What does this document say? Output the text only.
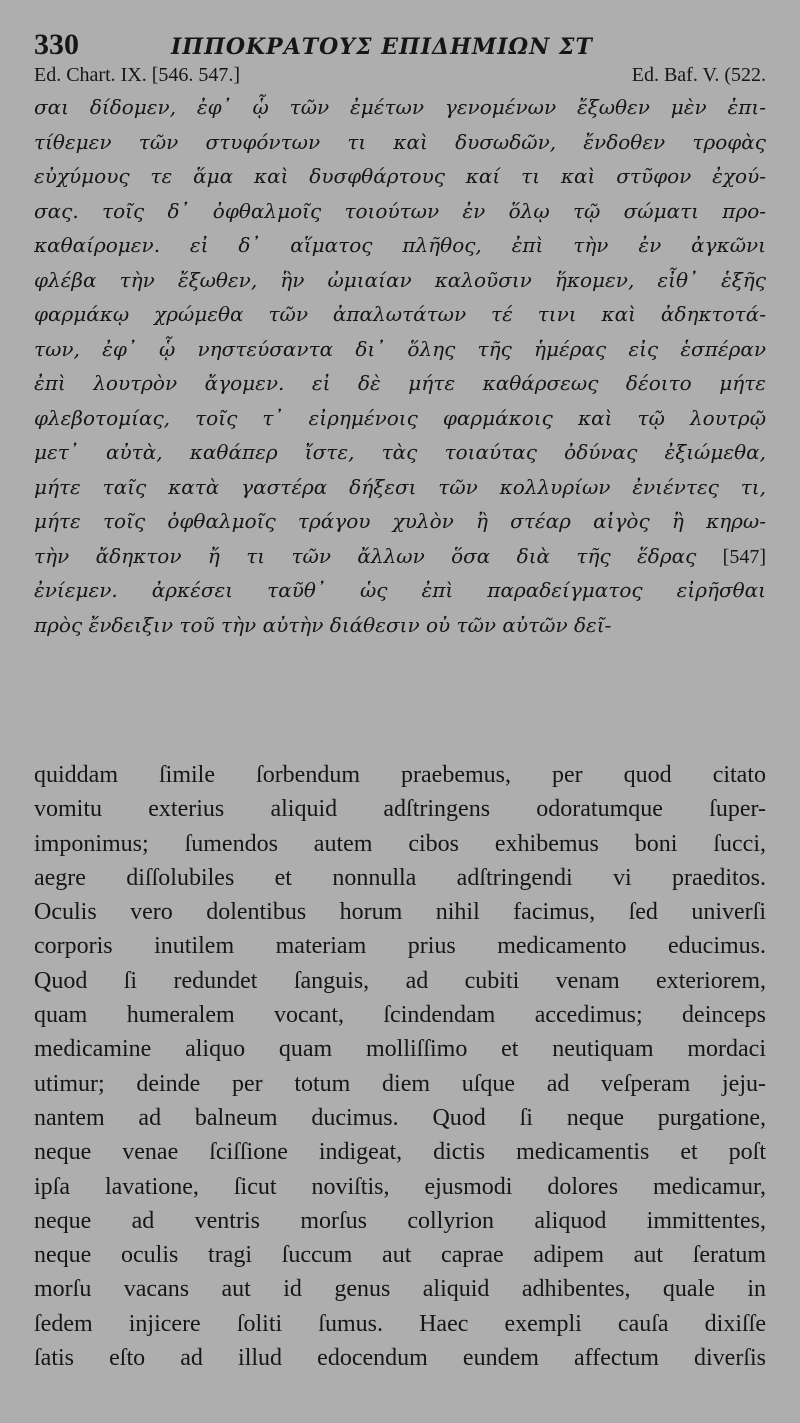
330	ΙΠΠΟΚΡΑΤΟΥΣ ΕΠΙΔΗΜΙΩΝ ΣΤ
Ed. Chart. IX. [546. 547.]	Ed. Baf. V. (522.
σαι δίδομεν, ἐφ᾽ ᾧ τῶν ἐμέτων γενομένων ἔξωθεν μὲν ἐπι-
τίθεμεν τῶν στυφόντων τι καὶ δυσωδῶν, ἔνδοθεν τροφὰς
εὐχύμους τε ἅμα καὶ δυσφθάρτους καί τι καὶ στῦφον ἐχού-
σας. τοῖς δ᾽ ὀφθαλμοῖς τοιούτων ἐν ὅλῳ τῷ σώματι προ-
καθαίρομεν. εἰ δ᾽ αἵματος πλῆθος, ἐπὶ τὴν ἐν ἀγκῶνι
φλέβα τὴν ἔξωθεν, ἣν ὠμιαίαν καλοῦσιν ἥκομεν, εἶθ᾽ ἑξῆς
φαρμάκῳ χρώμεθα τῶν ἀπαλωτάτων τέ τινι καὶ ἀδηκτοτά-
των, ἐφ᾽ ᾧ νηστεύσαντα δι᾽ ὅλης τῆς ἡμέρας εἰς ἑσπέραν
ἐπὶ λουτρὸν ἄγομεν. εἰ δὲ μήτε καθάρσεως δέοιτο μήτε
φλεβοτομίας, τοῖς τ᾽ εἰρημένοις φαρμάκοις καὶ τῷ λουτρῷ
μετ᾽ αὐτὰ, καθάπερ ἴστε, τὰς τοιαύτας ὀδύνας ἐξιώμεθα,
μήτε ταῖς κατὰ γαστέρα δήξεσι τῶν κολλυρίων ἐνιέντες τι,
μήτε τοῖς ὀφθαλμοῖς τράγου χυλὸν ἢ στέαρ αἰγὸς ἢ κηρω-
τὴν ἄδηκτον ἤ τι τῶν ἄλλων ὅσα διὰ τῆς ἕδρας [547]
ἐνίεμεν. ἀρκέσει ταῦθ᾽ ὡς ἐπὶ παραδείγματος εἰρῆσθαι
πρὸς ἔνδειξιν τοῦ τὴν αὐτὴν διάθεσιν οὐ τῶν αὐτῶν δεῖ-
quiddam ſimile ſorbendum praebemus, per quod citato
vomitu exterius aliquid adſtringens odoratumque ſuper-
imponimus; ſumendos autem cibos exhibemus boni ſucci,
aegre diſſolubiles et nonnulla adſtringendi vi praeditos.
Oculis vero dolentibus horum nihil facimus, ſed univerſi
corporis inutilem materiam prius medicamento educimus.
Quod ſi redundet ſanguis, ad cubiti venam exteriorem,
quam humeralem vocant, ſcindendam accedimus; deinceps
medicamine aliquo quam molliſſimo et neutiquam mordaci
utimur; deinde per totum diem uſque ad veſperam jeju-
nantem ad balneum ducimus. Quod ſi neque purgatione,
neque venae ſciſſione indigeat, dictis medicamentis et poſt
ipſa lavatione, ſicut noviſtis, ejusmodi dolores medicamur,
neque ad ventris morſus collyrion aliquod immittentes,
neque oculis tragi ſuccum aut caprae adipem aut ſeratum
morſu vacans aut id genus aliquid adhibentes, quale in
ſedem injicere ſoliti ſumus. Haec exempli cauſa dixiſſe
ſatis eſto ad illud edocendum eundem affectum diverſis
